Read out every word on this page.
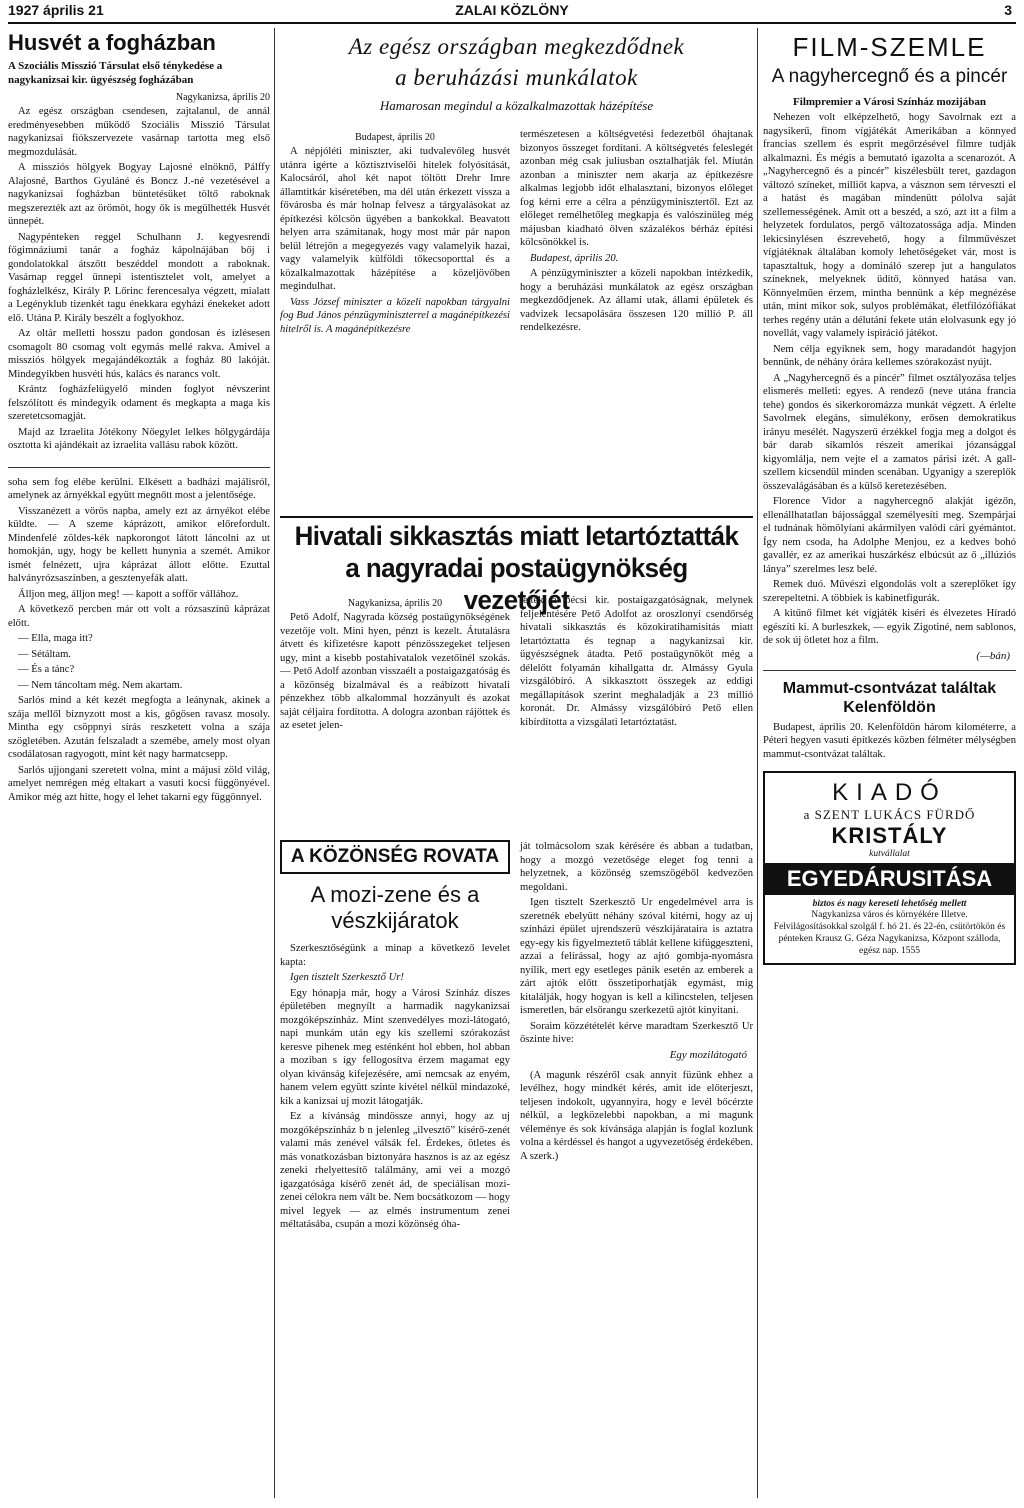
1927 április 21	ZALAI KÖZLÖNY	3
Husvét a fogházban
A Szociális Misszió Társulat első ténykedése a nagykanizsai kir. ügyészség fogházában
Nagykanizsa, április 20

Az egész országban csendesen, zajtalanul, de annál eredményesebben működő Szociális Misszió Társulat nagykanizsai fiókszervezete vasárnap tartotta meg első megmozdulását.

A missziós hölgyek Bogyay Lajosné elnöknő, Pálffy Alajosné, Barthos Gyuláné és Boncz J.-né vezetésével a nagykanizsai fogházban büntetésüket töltő raboknak megszerezték azt az örömöt, hogy ők is megülhették Husvét ünnepét.

Nagypénteken reggel Schulhann J. kegyesrendi főgimnáziumi tanár a fogház kápolnájában bőj i gondolatokkal átszőtt beszéddel mondott a raboknak. Vasárnap reggel ünnepi istentisztelet volt, amelyet a fogházlelkész, Király P. Lőrinc ferencesalya végzett, mialatt a Legényklub tizenkét tagu énekkara egyházi énekeket adott elő. Utána P. Király beszélt a foglyokhoz.

Az oltár melletti hosszu padon gondosan és ízlésesen csomagolt 80 csomag volt egymás mellé rakva. Amivel a missziós hölgyek megajándékozták a fogház 80 lakóját. Mindegyikben husvéti hús, kalács és narancs volt.

Krántz fogházfelügyelő minden foglyot névszerint felszólított és mindegyik odament és megkapta a maga kis szeretetcsomagját.

Majd az Izraelita Jótékony Nőegylet lelkes hölgygárdája osztotta ki ajándékait az izraelita vallásu rabok között.

soha sem fog elébe kerülni. Elkésett a badházi majálisról, amelynek az árnyékkal együtt megnőtt most a jelentősége.

Visszanézett a vörös napba, amely ezt az árnyékot elébe küldte. — A szeme káprázott, amikor előrefordult. Mindenfelé zöldes-kék napkorongot látott láncolni az ut homokján, ugy, hogy be kellett hunynia a szemét. Amikor ismét felnézett, ujra káprázat állott előtte. Ezuttal halványrózsaszínben, a gesztenyefák alatt.

Álljon meg, álljon meg! — kapott a soffőr vállához.

A következő percben már ott volt a rózsaszínű káprázat előtt.

— Ella, maga itt?

— Sétáltam.

— És a tánc?

— Nem táncoltam még. Nem akartam.

Sarlós mind a két kezét megfogta a leánynak, akinek a szája mellől biznyzott most a kis, gőgösen ravasz mosoly. Mintha egy csöppnyi sírás reszketett volna a szája szögletében. Azután felszaladt a szemébe, amely most olyan csodálatosan ragyogott, mint két nagy harmatcsepp.

Sarlós ujjongani szeretett volna, mint a májusi zöld világ, amelyet nemrégen még eltakart a vasuti kocsi függönyével. Amikor még azt hitte, hogy el lehet takarni egy függönnyel.

Az egész országban megkezdődnek
a beruházási munkálatok
Hamarosan megindul a közalkalmazottak házépítése
Budapest, április 20

A népjóléti miniszter, aki tudvalevőleg husvét utánra igérte a köztisztviselői hitelek folyósítását, Kalocsáról, ahol két napot töltött Drehr Imre államtitkár kiséretében, ma dél után érkezett vissza a fővárosba és már holnap felvesz a tárgyalásokat az építkezési kölcsön ügyében a bankokkal. Beavatott helyen arra számitanak, hogy most már pár napon belül létrejön a megegyezés vagy valamelyik hazai, vagy valamelyik külföldi tőkecsoporttal és a közalkalmazottak házépítése a közeljövőben megindulhat.

Vass József miniszter a közeli napokban tárgyalni fog Bud János pénzügyminiszterrel a magánépítkezési hitelről is. A magánépítkezésre

természetesen a költségvetési fedezetből óhajtanak bizonyos összeget fordítani. A költségvetés feleslegét azonban még csak juliusban osztalhatják fel. Miután azonban a miniszter nem akarja az építkezésre alkalmas legjobb időt elhalasztani, bizonyos előleget fog kérni erre a célra a pénzügyminisztertől. Ezt az előleget remélhetőleg megkapja és valószínüleg még májusban kiadható ölven százalékos bérház építési kölcsönökkel is.

Budapest, április 20.

A pénzügyminiszter a közeli napokban intézkedik, hogy a beruházási munkálatok az egész országban megkezdődjenek. Az állami utak, állami épületek és vadvizek lecsapolására összesen 120 millió P. áll rendelkezésre.

Hivatali sikkasztás miatt letartóztatták a nagyradai postaügynökség vezetőjét
Nagykanizsa, április 20

Pető Adolf, Nagyrada község postaügynökségének vezetője volt. Mini hyen, pénzt is kezelt. Átutalásra átvett és kifizetésre kapott pénzösszegeket teljesen ugy, mint a kisebb postahivatalok vezetőinél szokás. — Pető Adolf azonban visszaélt a postaigazgatóság és a közönség bizalmával és a reábízott hivatali pénzekhez több alkalommal hozzányult és azokat saját céljaira fordította. A dologra azonban rájöttek és az esetet jelen-

tették a pécsi kir. postaigazgatóságnak, melynek feljelentésére Pető Adolfot az oroszlonyi csendőrség hivatali sikkasztás és közokiratihamisitás miatt letartóztatta és tegnap a nagykanizsai kir. ügyészségnek átadta. Pető postaügynököt még a délelőtt folyamán kihallgatta dr. Almássy Gyula vizsgálóbíró. A sikkasztott összegek az eddigi megállapítások szerint meghaladják a 23 millió koronát. Dr. Almássy vizsgálóbíró Pető ellen kibírdította a vizsgálati letartóztatást.

A KÖZÖNSÉG ROVATA
A mozi-zene és a vészkijáratok

Szerkesztőségünk a minap a következő levelet kapta:

Igen tisztelt Szerkesztő Ur!

Egy hónapja már, hogy a Városi Színház díszes épületében megnyílt a harmadik nagykanizsai mozgóképszínház. Mint szenvedélyes mozi-látogató, napi munkám után egy kis szellemi szórakozást keresve pihenek meg esténként hol ebben, hol abban a moziban s így fellogosítva érzem magamat egy olyan kivánság kifejezésére, ami nemcsak az enyém, hanem velem együtt szinte kivétel nélkül mindazoké, kik a kanizsai uj mozit látogatják.

Ez a kívánság mindössze annyi, hogy az uj mozgóképszínház b n jelenleg „ilvesztő” kísérő-zenét valami más zenével válsák fel. Érdekes, ötletes és más vonatkozásban biztonyára hasznos is az az egész zeneki rhelyettesítő találmány, ami vei a mozgó igazgatósága kísérő zenét ád, de speciálisan mozi-zenei célokra nem vált be. Nem bocsátkozom — hogy mivel legyek — az elmés instrumentum zenei méltatásába, csupán a mozi közönség óha-

ját tolmácsolom szak kérésére és abban a tudatban, hogy a mozgó vezetősége eleget fog tenni a helyzetnek, a közönség szemszögéből kedvezően megoldani.

Igen tisztelt Szerkesztő Ur engedelmével arra is szeretnék ebelyütt néhány szóval kitérni, hogy az uj színházi épület ujrendszerü vészkijárataira is aztatra egy-egy kis figyelmeztető táblát kellene kifüggeszteni, azzai a felírással, hogy az ajtó gombja-nyomásra nyílik, mert egy esetleges pánik esetén az emberek a zárt ajtók előtt összetiporhatják egymást, mig kitalálják, hogy hogyan is kell a kilincstelen, teljesen ismeretlen, bár elsőrangu szerkezetű ajtót kinyitani.

Soraim közzétételét kérve maradtam Szerkesztő Ur őszinte hive:

Egy mozilátogató

(A magunk részéről csak annyit füzünk ehhez a levélhez, hogy mindkét kérés, amit ide előterjeszt, teljesen indokolt, ugyannyira, hogy e levél bőcérzte nélkül, a legközelebbi napokban, a mi magunk véleménye és sok kívánsága alapján is foglal kozlunk volna a kérdéssel és hangot a ugyvezetőség érdekében. A szerk.)

FILM-SZEMLE
A nagyhercegnő és a pincér
Filmpremier a Városi Színház mozijában

Nehezen volt elképzelhető, hogy Savolrnak ezt a nagysikerű, finom vígjátékát Amerikában a könnyed francias szellem és esprit megőrzésével filmre tudják alkalmazni. És mégis a bemutató igazolta a scenarozót. A „Nagyhercegnő és a pincér” kiszélesbült teret, gazdagon változó színeket, milliőt kapva, a vásznon sem térveszti el a hatást és magában mindenütt pólolva saját szellemességének. Amit ott a beszéd, a szó, azt itt a film a helyzetek fordulatos, pergő változatossága adja. Minden lekicsinylésen észrevehető, hogy a filmművészet vígjátéknak általában komoly lehetőségeket vár, most is tapasztaltuk, hogy a domináló szerep jut a hangulatos színeknek, melyeknek üdítő, könnyed hatása van. Könnyelműen érzem, mintha bennünk a kép megnézése után, mint mikor sok, sulyos problémákat, életfilózófiákat terhes regény után a délutáni fekete után elolvasunk egy jó novellát, vagy valamely ispiráció játékot.

Nem célja egyiknek sem, hogy maradandót hagyjon bennünk, de néhány órára kellemes szórakozást nyújt.

A „Nagyhercegnő és a pincér” filmet osztályozása teljes elismerés melleti: egyes. A rendező (neve utána francia tehe) gondos és sikerkoromázza munkát végzett. A érlelte Savolrnek elegáns, simulékony, erősen demokratikus irányu mesélét. Nagyszerű érzékkel fogja meg a dolgot és bár darab sikamlós részeit amerikai józansággal kigyomlálja, nem vejte el a zamatos párisi izét. A gall-szellem kicsendül minden scenában. Ugyanigy a szereplők összevalágásában és a külső keretezésében.

Florence Vidor a nagyhercegnő alakját igézőn, ellenállhatatlan bájossággal személyesíti meg. Szempárjai el tudnának hömölyíani akármilyen valódi cári gyémántot. Így nem csoda, ha Adolphe Menjou, ez a kedves bohó gavallér, ez az amerikai huszárkész elbúcsút az ő „illúziós lánya” szerelmes lesz belé.

Remek duó. Művészi elgondolás volt a szereplőket így szerepeltetni. A többiek is kabinetfigurák.

A kitűnő filmet két vígjáték kiséri és élvezetes Híradó egészíti ki. A burleszkek, — egyik Zigotiné, nem sablonos, de sok új ötletet hoz a film.

(—bán)
Mammut-csontvázat találtak Kelenföldön

Budapest, április 20. Kelenföldön három kilométerre, a Péteri hegyen vasuti építkezés közben félméter mélységben mammut-csontvázat találtak.

KIADÓ
a SZENT LUKÁCS FÜRDŐ
KRISTÁLY
kutvállalat
EGYEDÁRUSITÁSA
biztos és nagy kereseti lehetőség mellett
Nagykanizsa város és környékére Illetve.
Felvilágosításokkal szolgál f. hó 21. és 22-én, csütörtökön és pénteken Krausz G. Géza Nagykanizsa, Központ szálloda, egész nap. 1555
